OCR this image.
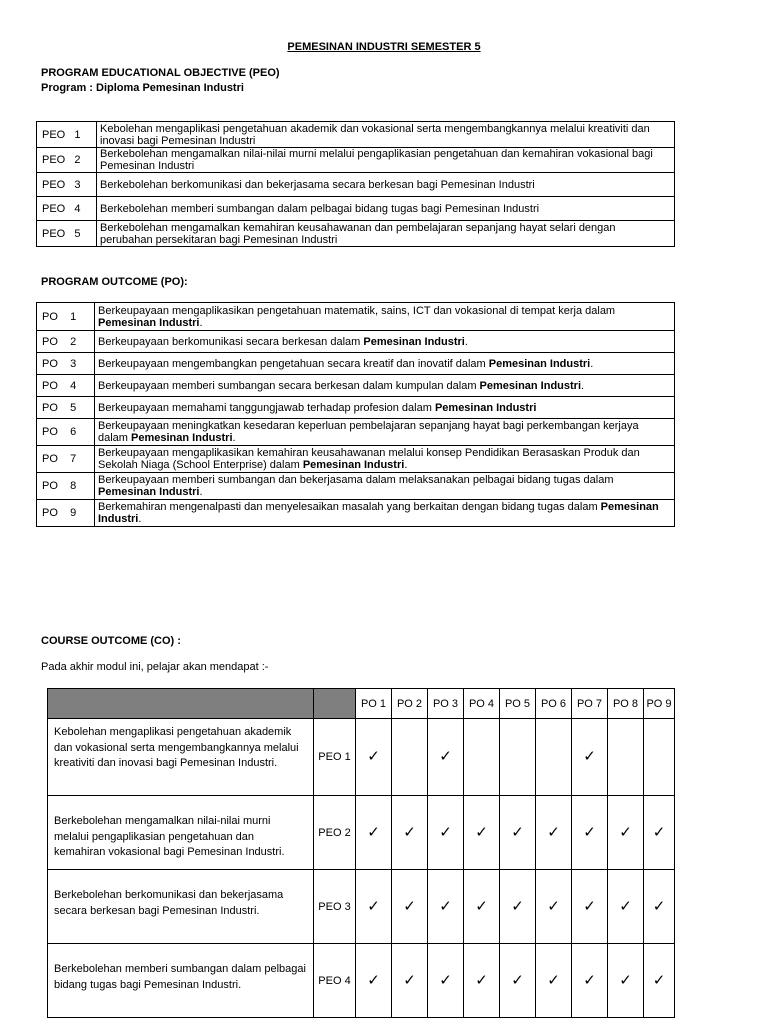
PEMESINAN INDUSTRI SEMESTER 5
PROGRAM EDUCATIONAL OBJECTIVE (PEO)
Program : Diploma Pemesinan Industri
PEO   1	Kebolehan mengaplikasi pengetahuan akademik dan vokasional serta mengembangkannya melalui kreativiti dan inovasi bagi Pemesinan Industri
PEO   2	Berkebolehan mengamalkan nilai-nilai murni melalui pengaplikasian pengetahuan dan kemahiran vokasional bagi Pemesinan Industri
PEO   3	Berkebolehan berkomunikasi dan bekerjasama secara berkesan bagi Pemesinan Industri
PEO   4	Berkebolehan memberi sumbangan dalam pelbagai bidang tugas bagi Pemesinan Industri
PEO   5	Berkebolehan mengamalkan kemahiran keusahawanan dan pembelajaran sepanjang hayat selari dengan perubahan persekitaran bagi Pemesinan Industri
PROGRAM OUTCOME (PO):
PO    1	Berkeupayaan mengaplikasikan pengetahuan matematik, sains, ICT dan vokasional di tempat kerja dalam Pemesinan Industri.
PO    2	Berkeupayaan berkomunikasi secara berkesan dalam Pemesinan Industri.
PO    3	Berkeupayaan mengembangkan pengetahuan secara kreatif dan inovatif dalam Pemesinan Industri.
PO    4	Berkeupayaan memberi sumbangan secara berkesan dalam kumpulan dalam Pemesinan Industri.
PO    5	Berkeupayaan memahami tanggungjawab terhadap profesion dalam Pemesinan Industri
PO    6	Berkeupayaan meningkatkan kesedaran keperluan pembelajaran sepanjang hayat bagi perkembangan kerjaya dalam Pemesinan Industri.
PO    7	Berkeupayaan mengaplikasikan kemahiran keusahawanan melalui konsep Pendidikan Berasaskan Produk dan Sekolah Niaga (School Enterprise) dalam Pemesinan Industri.
PO    8	Berkeupayaan memberi sumbangan dan bekerjasama dalam melaksanakan pelbagai bidang tugas dalam Pemesinan Industri.
PO    9	Berkemahiran mengenalpasti dan menyelesaikan masalah yang berkaitan dengan bidang tugas dalam Pemesinan Industri.
COURSE OUTCOME (CO) :
Pada akhir modul ini, pelajar akan mendapat :-
		PO 1	PO 2	PO 3	PO 4	PO 5	PO 6	PO 7	PO 8	PO 9
Kebolehan mengaplikasi pengetahuan akademik dan vokasional serta mengembangkannya melalui kreativiti dan inovasi bagi Pemesinan Industri.	PEO 1	✓		✓				✓		
Berkebolehan mengamalkan nilai-nilai murni melalui pengaplikasian pengetahuan dan kemahiran vokasional bagi Pemesinan Industri.	PEO 2	✓	✓	✓	✓	✓	✓	✓	✓	✓
Berkebolehan berkomunikasi dan bekerjasama secara berkesan bagi Pemesinan Industri.	PEO 3	✓	✓	✓	✓	✓	✓	✓	✓	✓
Berkebolehan memberi sumbangan dalam pelbagai bidang tugas bagi Pemesinan Industri.	PEO 4	✓	✓	✓	✓	✓	✓	✓	✓	✓
